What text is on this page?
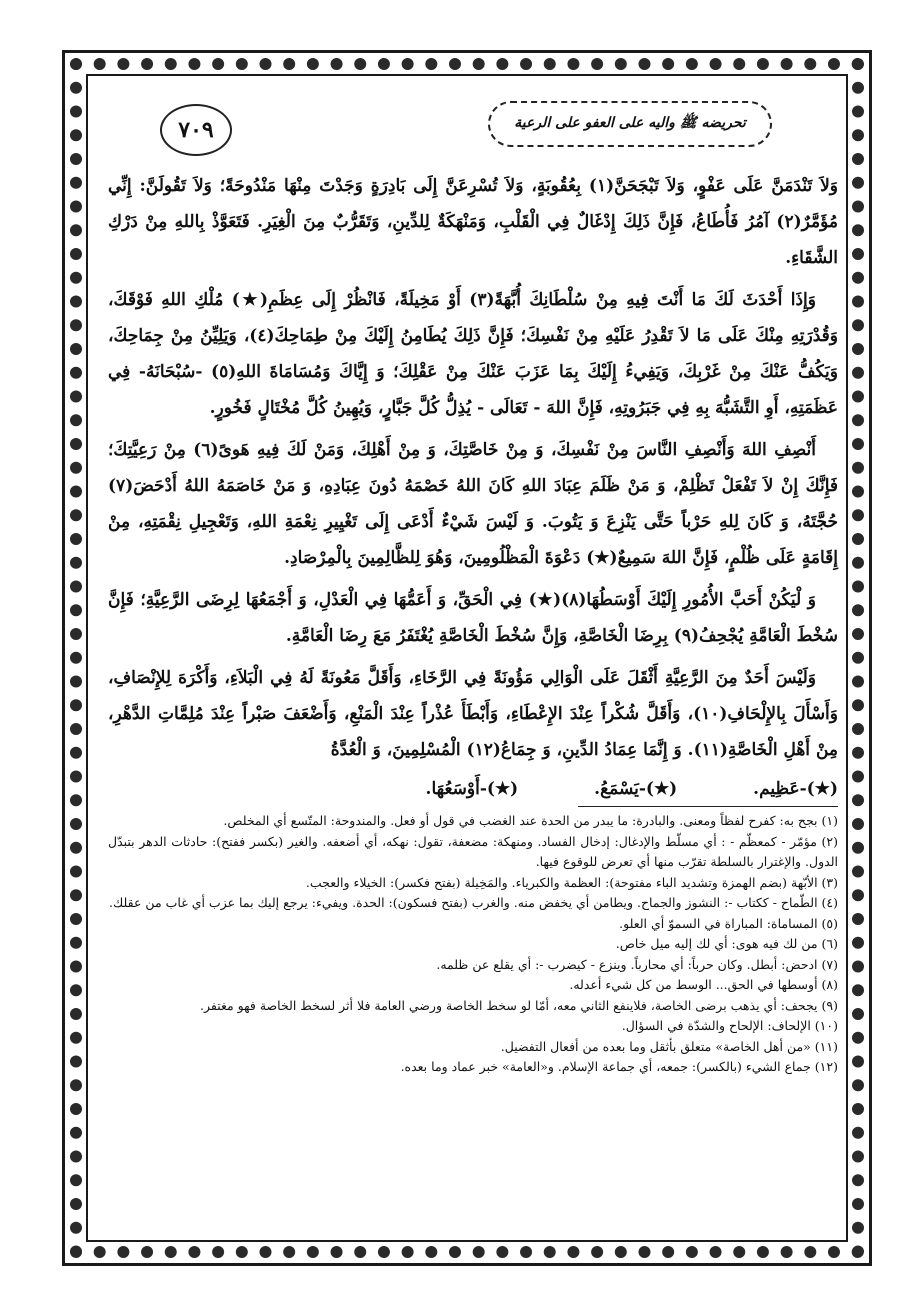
تحريضه ﷺ واليه على العفو على الرعية
٧٠٩

وَلاَ تَنْدَمَنَّ عَلَى عَفْوٍ، وَلاَ تَبْجَحَنَّ(١) بِعُقُوبَةٍ، وَلاَ تُسْرِعَنَّ إِلَى بَادِرَةٍ وَجَدْتَ مِنْهَا مَنْدُوحَةً؛ وَلاَ تَقُولَنَّ: إِنِّي مُؤَمَّرٌ(٢) آمُرُ فَأُطَاعُ، فَإِنَّ ذَلِكَ إِدْغَالٌ فِي الْقَلْبِ، وَمَنْهَكَةٌ لِلدِّينِ، وَتَقَرُّبٌ مِنَ الْغِيَرِ. فَتَعَوَّذْ بِاللهِ مِنْ دَرْكِ الشَّقَاءِ.

وَإِذَا أَحْدَثَ لَكَ مَا أَنْتَ فِيهِ مِنْ سُلْطَانِكَ أُبَّهَةً(٣) أَوْ مَخِيلَةً، فَانْظُرْ إِلَى عِظَمِ(★) مُلْكِ اللهِ فَوْقَكَ، وَقُدْرَتِهِ مِنْكَ عَلَى مَا لاَ تَقْدِرُ عَلَيْهِ مِنْ نَفْسِكَ؛ فَإِنَّ ذَلِكَ يُطَامِنُ إِلَيْكَ مِنْ طِمَاحِكَ(٤)، وَيَلِيِّنُ مِنْ جِمَاحِكَ، وَيَكُفُّ عَنْكَ مِنْ غَرْبِكَ، وَيَفِيءُ إِلَيْكَ بِمَا عَزَبَ عَنْكَ مِنْ عَقْلِكَ؛ وَ إِيَّاكَ وَمُسَامَاةَ اللهِ(٥) -سُبْحَانَهُ- فِي عَظَمَتِهِ، أَوِ التَّشَبُّهَ بِهِ فِي جَبَرُوتِهِ، فَإِنَّ اللهَ - تَعَالَى - يُذِلُّ كُلَّ جَبَّارٍ، وَيُهِينُ كُلَّ مُخْتَالٍ فَخُورٍ.

أَنْصِفِ اللهَ وَأَنْصِفِ النَّاسَ مِنْ نَفْسِكَ، وَ مِنْ خَاصَّتِكَ، وَ مِنْ أَهْلِكَ، وَمَنْ لَكَ فِيهِ هَوىً(٦) مِنْ رَعِيَّتِكَ؛ فَإِنَّكَ إِنْ لاَ تَفْعَلْ تَظْلِمْ، وَ مَنْ ظَلَمَ عِبَادَ اللهِ كَانَ اللهُ خَصْمَهُ دُونَ عِبَادِهِ، وَ مَنْ خَاصَمَهُ اللهُ أَدْحَضَ(٧) حُجَّتَهُ، وَ كَانَ لِلهِ حَرْباً حَتَّى يَنْزِعَ وَ يَتُوبَ. وَ لَيْسَ شَيْءٌ أَدْعَى إِلَى تَغْيِيرِ نِعْمَةِ اللهِ، وَتَعْجِيلِ نِقْمَتِهِ، مِنْ إِقَامَةٍ عَلَى ظُلْمٍ، فَإِنَّ اللهَ سَمِيعٌ(★) دَعْوَةَ الْمَظْلُومِينَ، وَهُوَ لِلظَّالِمِينَ بِالْمِرْصَادِ.

وَ لْيَكُنْ أَحَبَّ الأُمُورِ إِلَيْكَ أَوْسَطُهَا(٨)(★) فِي الْحَقِّ، وَ أَعَمُّهَا فِي الْعَدْلِ، وَ أَجْمَعُهَا لِرِضَى الرَّعِيَّةِ؛ فَإِنَّ سُخْطَ الْعَامَّةِ يُجْحِفُ(٩) بِرِضَا الْخَاصَّةِ، وَإِنَّ سُخْطَ الْخَاصَّةِ يُغْتَفَرُ مَعَ رِضَا الْعَامَّةِ.

وَلَيْسَ أَحَدٌ مِنَ الرَّعِيَّةِ أَثْقَلَ عَلَى الْوَالِي مَؤُونَةً فِي الرَّخَاءِ، وَأَقَلَّ مَعُونَةً لَهُ فِي الْبَلاَءِ، وَأَكْرَهَ لِلإِنْصَافِ، وَأَسْأَلَ بِالإِلْحَافِ(١٠)، وَأَقَلَّ شُكْراً عِنْدَ الإِعْطَاءِ، وَأَبْطَأَ عُذْراً عِنْدَ الْمَنْعِ، وَأَضْعَفَ صَبْراً عِنْدَ مُلِمَّاتِ الدَّهْرِ، مِنْ أَهْلِ الْخَاصَّةِ(١١). وَ إِنَّمَا عِمَادُ الدِّينِ، وَ جِمَاعُ(١٢) الْمُسْلِمِينَ، وَ الْعُدَّةُ

(★)-عَظِيم. (★)-يَسْمَعُ. (★)-أَوْسَعُهَا.

(١) بجح به: كفرح لفظاً ومعنى. والبادرة: ما يبدر من الحدة عند الغضب في قول أو فعل. والمندوحة: المتّسع أي المخلص.

(٢) مؤمّر - كمعظّم - : أي مسلّط والإدغال: إدخال الفساد. ومنهكة: مضعفة، تقول: نهكه، أي أضعفه. والغير (بكسر ففتح): حادثات الدهر بتبدّل الدول. والإغترار بالسلطة تقرّب منها أي تعرض للوقوع فيها.

(٣) الأبّهة (بضم الهمزة وتشديد الباء مفتوحة): العظمة والكبرياء. والمَخِيلة (بفتح فكسر): الخيلاء والعجب.

(٤) الطّماح - ككتاب -: النشوز والجماح. ويطامن أي يخفض منه. والغرب (بفتح فسكون): الحدة. ويفيء: يرجع إليك بما عزب أي غاب من عقلك.

(٥) المساماة: المباراة في السموّ أي العلو.

(٦) من لك فيه هوى: أي لك إليه ميل خاص.

(٧) ادحض: أبطل. وكان حرباً: أي محارباً. وينزع - كيضرب -: أي يقلع عن ظلمه.

(٨) أوسطها في الحق... الوسط من كل شيء أعدله.

(٩) يجحف: أي يذهب برضى الخاصة، فلاينفع الثاني معه، أمّا لو سخط الخاصة ورضي العامة فلا أثر لسخط الخاصة فهو مغتفر.

(١٠) الإلحاف: الإلحاح والشدّة في السؤال.

(١١) «من أهل الخاصة» متعلق بأثقل وما بعده من أفعال التفضيل.

(١٢) جماع الشيء (بالكسر): جمعه، أي جماعة الإسلام. و«العامة» خبر عماد وما بعده.
